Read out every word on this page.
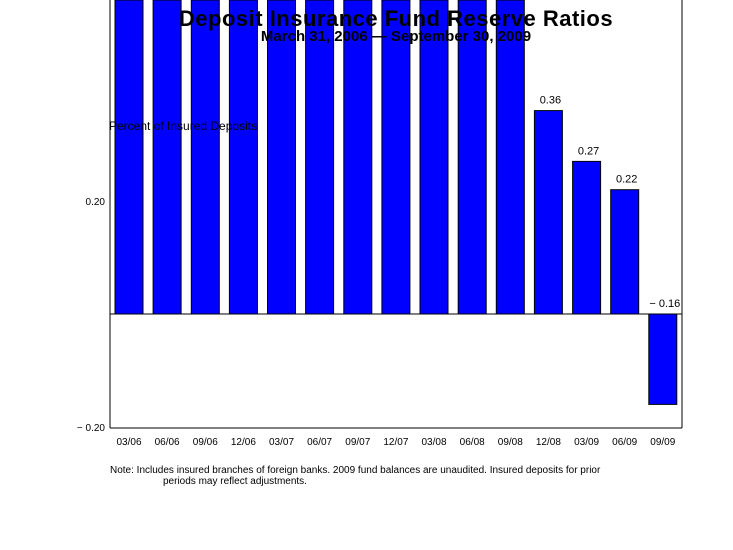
0.20
− 0.20
03/06 06/06 09/06 12/06 03/07 06/07 09/07 12/07 03/08 06/08 09/08 12/08 03/09 06/09 09/09
0.36
0.27
0.22
− 0.16
Percent of Insured Deposits
Deposit Insurance Fund Reserve Ratios
March 31, 2006 — September 30, 2009
Note: Includes insured branches of foreign banks. 2009 fund balances are unaudited. Insured deposits for prior
periods may reflect adjustments.
